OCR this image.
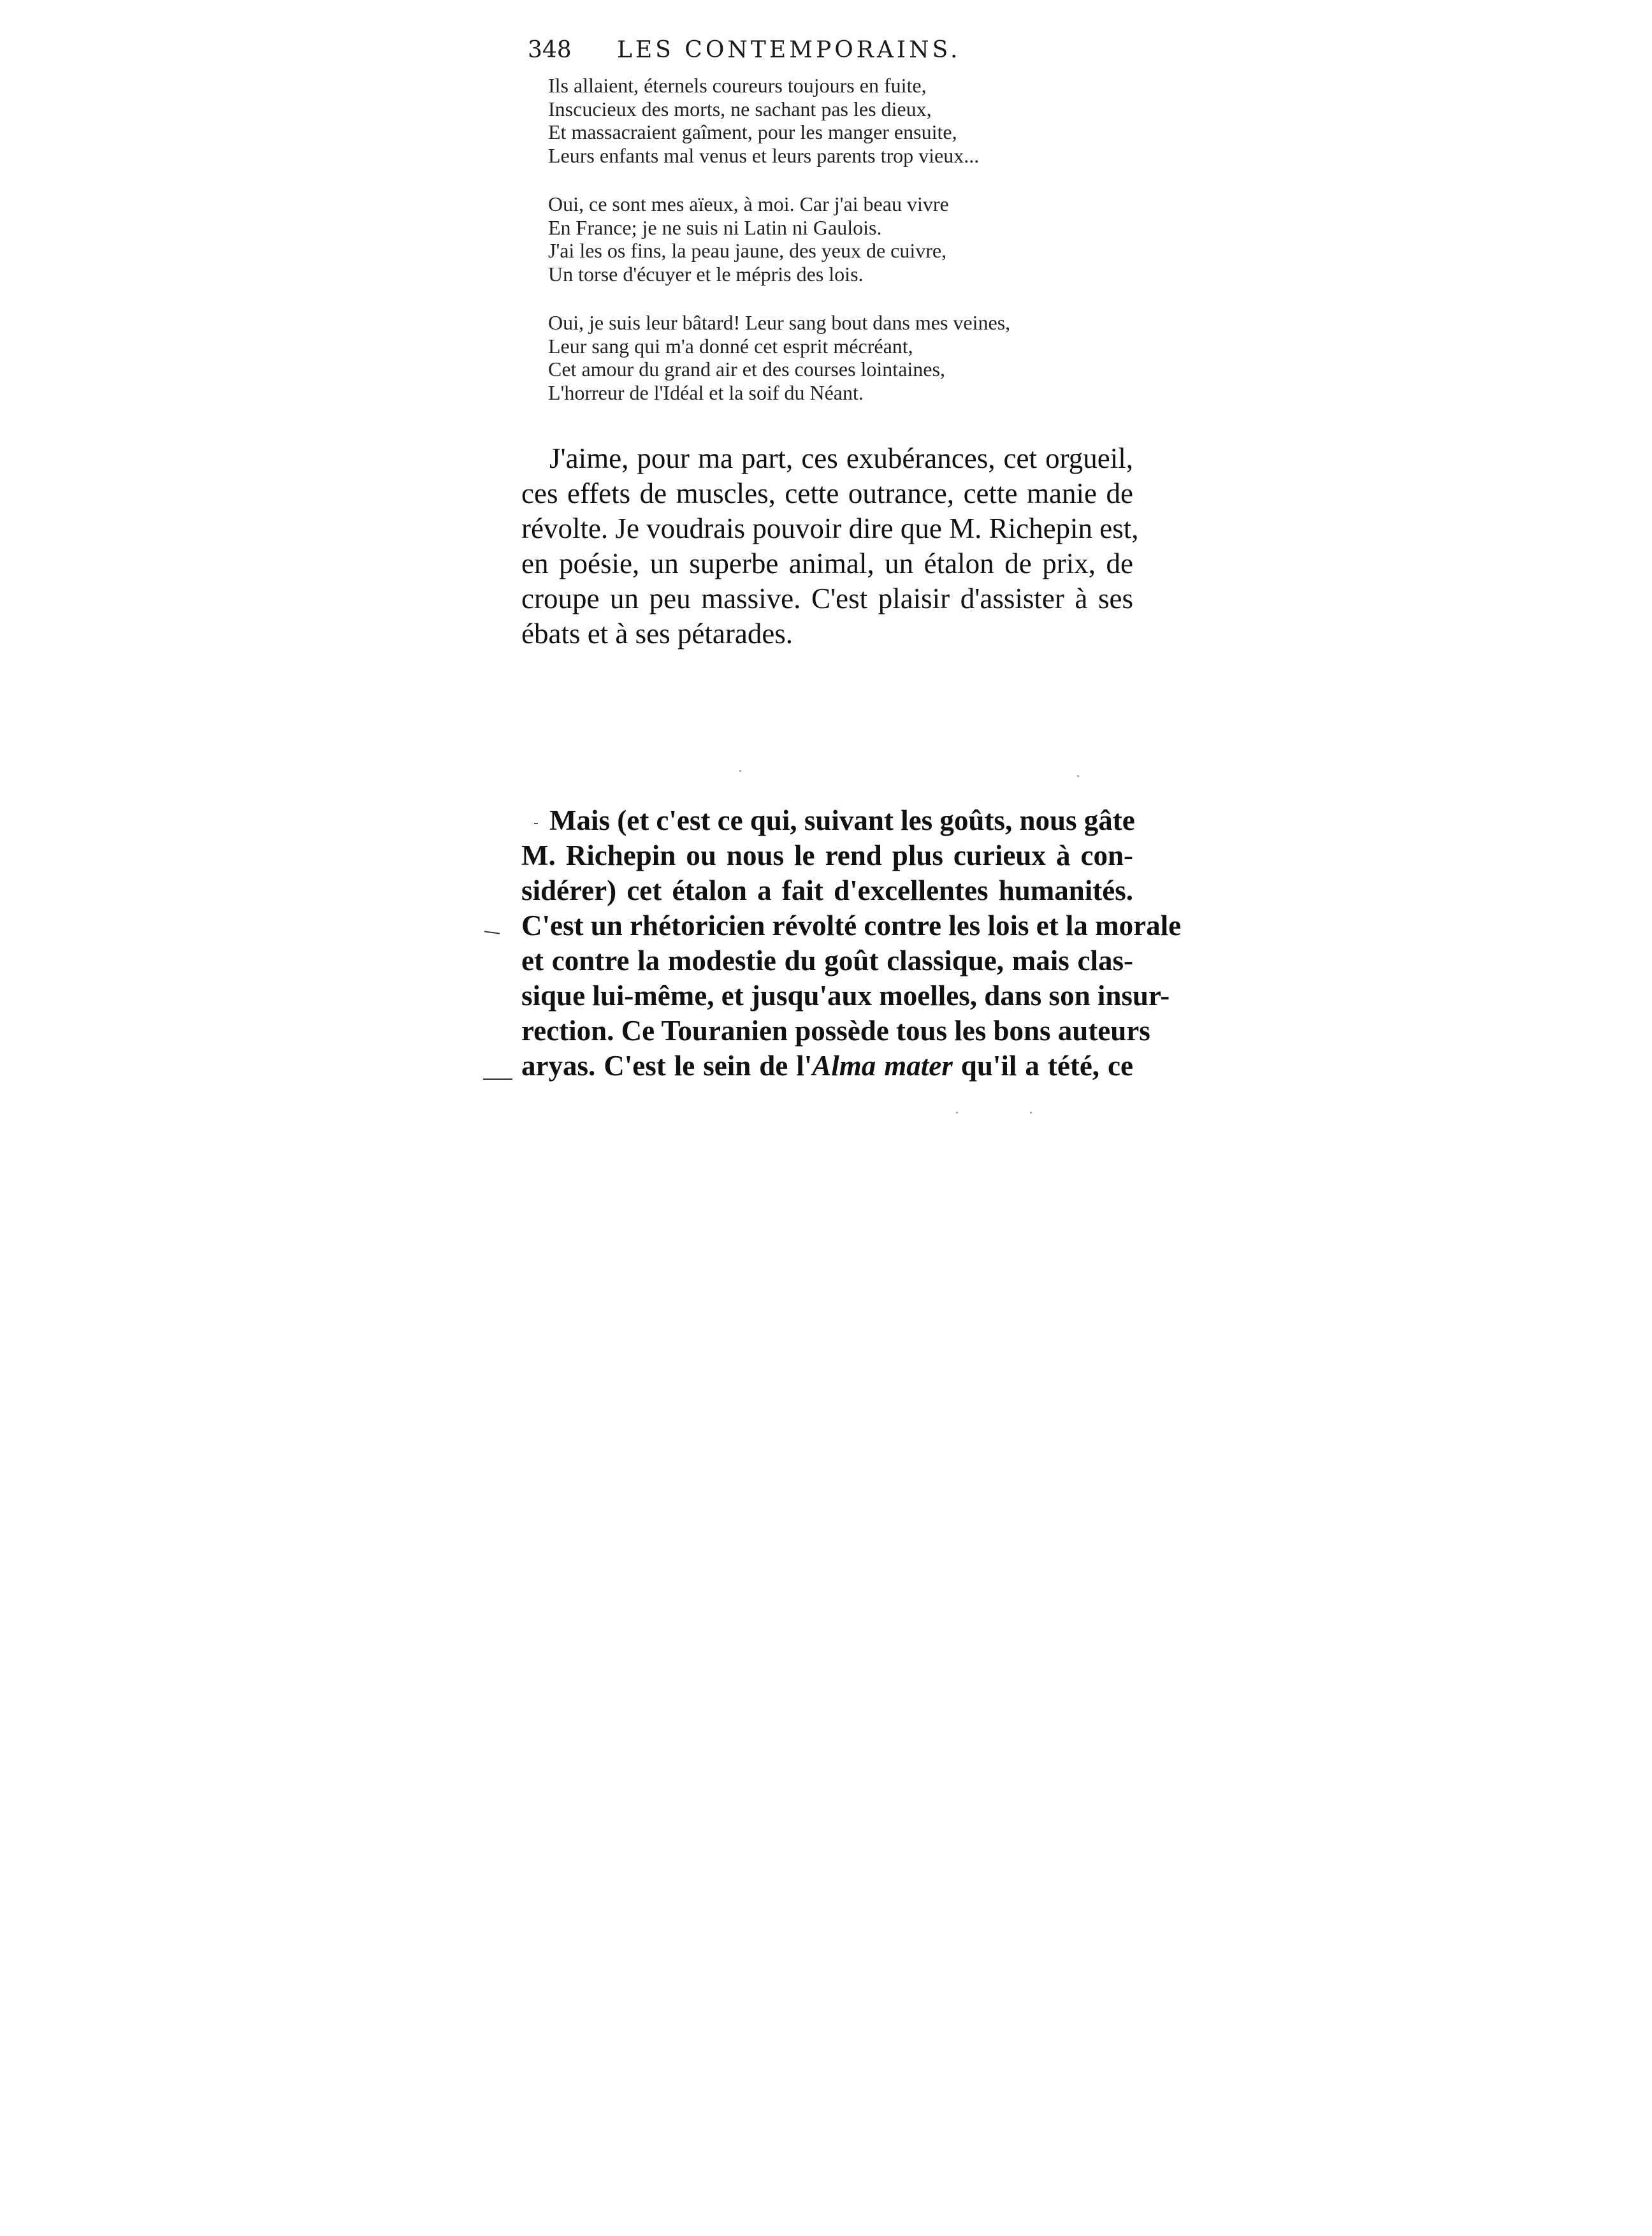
348 LES CONTEMPORAINS.
Ils allaient, éternels coureurs toujours en fuite,
Inscucieux des morts, ne sachant pas les dieux,
Et massacraient gaîment, pour les manger ensuite,
Leurs enfants mal venus et leurs parents trop vieux...
Oui, ce sont mes aïeux, à moi. Car j'ai beau vivre
En France; je ne suis ni Latin ni Gaulois.
J'ai les os fins, la peau jaune, des yeux de cuivre,
Un torse d'écuyer et le mépris des lois.
Oui, je suis leur bâtard! Leur sang bout dans mes veines,
Leur sang qui m'a donné cet esprit mécréant,
Cet amour du grand air et des courses lointaines,
L'horreur de l'Idéal et la soif du Néant.
J'aime, pour ma part, ces exubérances, cet orgueil,
ces effets de muscles, cette outrance, cette manie de
révolte. Je voudrais pouvoir dire que M. Richepin est,
en poésie, un superbe animal, un étalon de prix, de
croupe un peu massive. C'est plaisir d'assister à ses
ébats et à ses pétarades.
Mais (et c'est ce qui, suivant les goûts, nous gâte
M. Richepin ou nous le rend plus curieux à con-
sidérer) cet étalon a fait d'excellentes humanités.
C'est un rhétoricien révolté contre les lois et la morale
et contre la modestie du goût classique, mais clas-
sique lui-même, et jusqu'aux moelles, dans son insur-
rection. Ce Touranien possède tous les bons auteurs
aryas. C'est le sein de l'Alma mater qu'il a tété, ce
